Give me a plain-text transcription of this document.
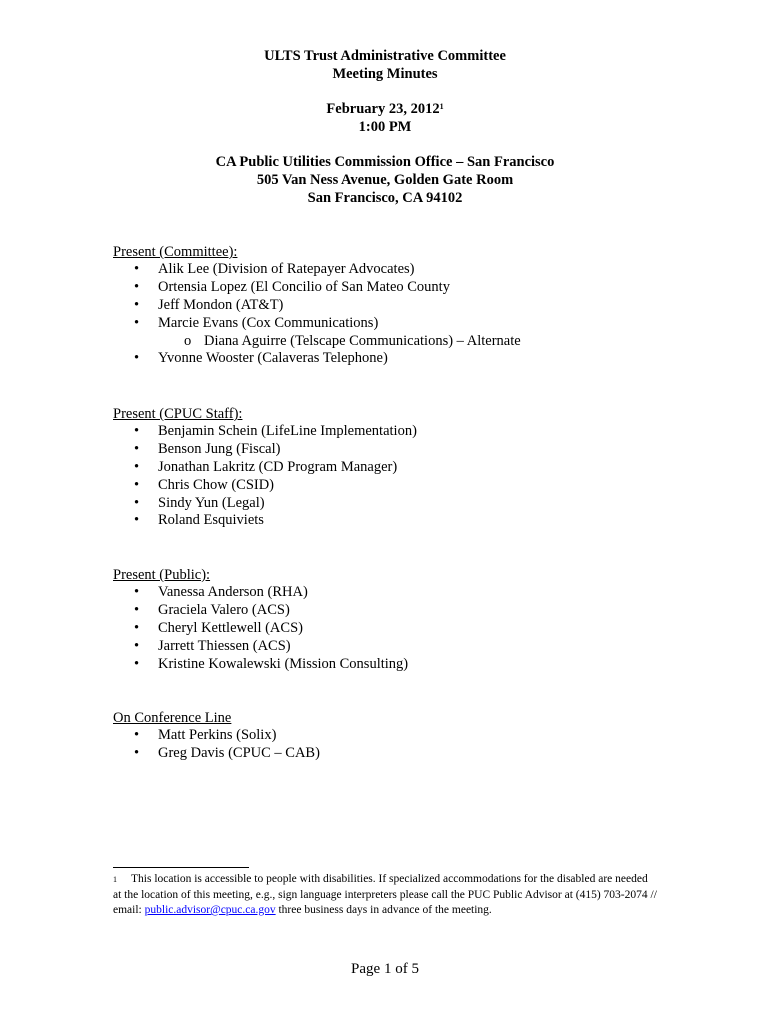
ULTS Trust Administrative Committee
Meeting Minutes
February 23, 2012$^1$
1:00 PM
CA Public Utilities Commission Office – San Francisco
505 Van Ness Avenue, Golden Gate Room
San Francisco, CA 94102
Present (Committee):
• Alik Lee (Division of Ratepayer Advocates)
• Ortensia Lopez (El Concilio of San Mateo County
• Jeff Mondon (AT&T)
• Marcie Evans (Cox Communications)
o Diana Aguirre (Telscape Communications) – Alternate
• Yvonne Wooster (Calaveras Telephone)
Present (CPUC Staff):
• Benjamin Schein (LifeLine Implementation)
• Benson Jung (Fiscal)
• Jonathan Lakritz (CD Program Manager)
• Chris Chow (CSID)
• Sindy Yun (Legal)
• Roland Esquiviets
Present (Public):
• Vanessa Anderson (RHA)
• Graciela Valero (ACS)
• Cheryl Kettlewell (ACS)
• Jarrett Thiessen (ACS)
• Kristine Kowalewski (Mission Consulting)
On Conference Line
• Matt Perkins (Solix)
• Greg Davis (CPUC – CAB)
$^1$ This location is accessible to people with disabilities. If specialized accommodations for the disabled are needed at the location of this meeting, e.g., sign language interpreters please call the PUC Public Advisor at (415) 703-2074 // email: public.advisor@cpuc.ca.gov three business days in advance of the meeting.
Page 1 of 5
